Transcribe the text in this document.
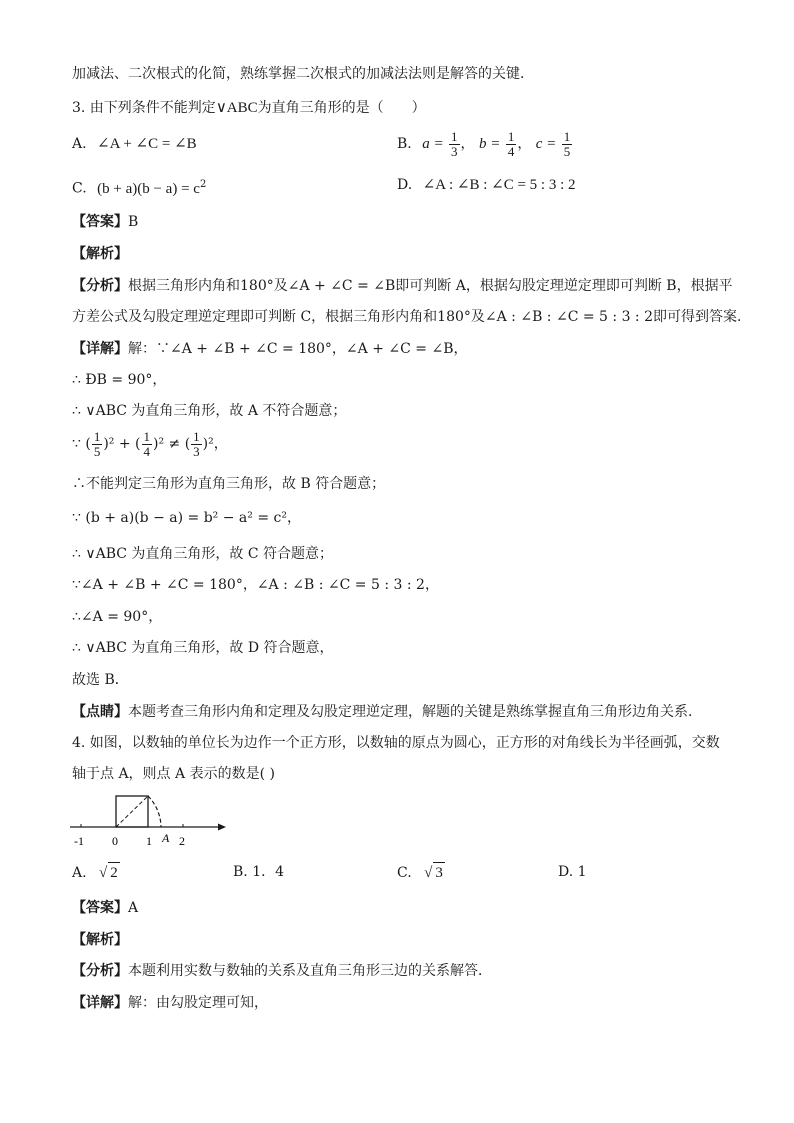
加减法、二次根式的化简，熟练掌握二次根式的加减法法则是解答的关键．
3. 由下列条件不能判定∨ABC为直角三角形的是（　　）
A. ∠A + ∠C = ∠B	B. $a = \frac{1}{3}$ ， $b = \frac{1}{4}$ ， $c = \frac{1}{5}$
C. $(b + a)(b - a) = c^2$	D. ∠A : ∠B : ∠C = 5 : 3 : 2
【答案】B
【解析】
【分析】根据三角形内角和180°及∠A + ∠C = ∠B即可判断 A，根据勾股定理逆定理即可判断 B，根据平
方差公式及勾股定理逆定理即可判断 C，根据三角形内角和180°及∠A : ∠B : ∠C = 5 : 3 : 2即可得到答案．
【详解】解：∵∠A + ∠B + ∠C = 180°，∠A + ∠C = ∠B，
∴ ÐB = 90°，
∴ ∨ABC 为直角三角形，故 A 不符合题意；
∵ ( $\frac{1}{5} )^2$ + ( $\frac{1}{4} )^2$ ≠ ( $\frac{1}{3} )^2$，
∴不能判定三角形为直角三角形，故 B 符合题意；
∵ (b + a)(b − a) = b² − a² = c²，
∴ ∨ABC 为直角三角形，故 C 符合题意；
∵∠A + ∠B + ∠C = 180°，∠A : ∠B : ∠C = 5 : 3 : 2，
∴∠A = 90°，
∴ ∨ABC 为直角三角形，故 D 符合题意，
故选 B．
【点睛】本题考查三角形内角和定理及勾股定理逆定理，解题的关键是熟练掌握直角三角形边角关系．
4. 如图，以数轴的单位长为边作一个正方形，以数轴的原点为圆心，正方形的对角线长为半径画弧，交数
轴于点 A，则点 A 表示的数是( )
-1 0 1 A 2
A. √ 2	B. 1．4	C. √ 3	D. 1
【答案】A
【解析】
【分析】本题利用实数与数轴的关系及直角三角形三边的关系解答．
【详解】解：由勾股定理可知，
